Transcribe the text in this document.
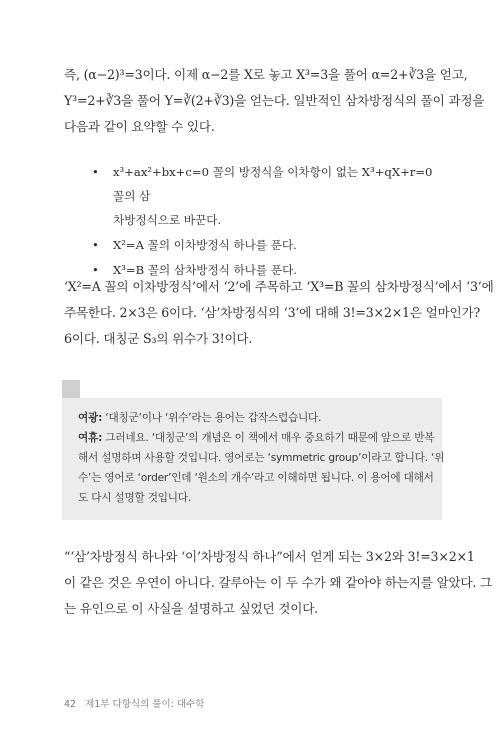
즉, (α−2)³=3이다. 이제 α−2를 X로 놓고 X³=3을 풀어 α=2+∛3을 얻고,
Y³=2+∛3을 풀어 Y=∛(2+∛3)을 얻는다. 일반적인 삼차방정식의 풀이 과정을
다음과 같이 요약할 수 있다.
• x³+ax²+bx+c=0 꼴의 방정식을 이차항이 없는 X³+qX+r=0 꼴의 삼
차방정식으로 바꾼다.
• X²=A 꼴의 이차방정식 하나를 푼다.
• X³=B 꼴의 삼차방정식 하나를 푼다.
‘X²=A 꼴의 이차방정식’에서 ‘2’에 주목하고 ‘X³=B 꼴의 삼차방정식’에서 ‘3’에
주목한다. 2×3은 6이다. ‘삼’차방정식의 ‘3’에 대해 3!=3×2×1은 얼마인가?
6이다. 대칭군 S₃의 위수가 3!이다.
여광: ‘대칭군’이나 ‘위수’라는 용어는 갑작스럽습니다.
여휴: 그러네요. ‘대칭군’의 개념은 이 책에서 매우 중요하기 때문에 앞으로 반복
해서 설명하며 사용할 것입니다. 영어로는 ‘symmetric group’이라고 합니다. ‘위
수’는 영어로 ‘order’인데 ‘원소의 개수’라고 이해하면 됩니다. 이 용어에 대해서
도 다시 설명할 것입니다.
“‘삼’차방정식 하나와 ‘이’차방정식 하나”에서 얻게 되는 3×2와 3!=3×2×1
이 같은 것은 우연이 아니다. 갈루아는 이 두 수가 왜 같아야 하는지를 알았다. 그
는 유인으로 이 사실을 설명하고 싶었던 것이다.
42 제1부 다항식의 풀이: 대수학
